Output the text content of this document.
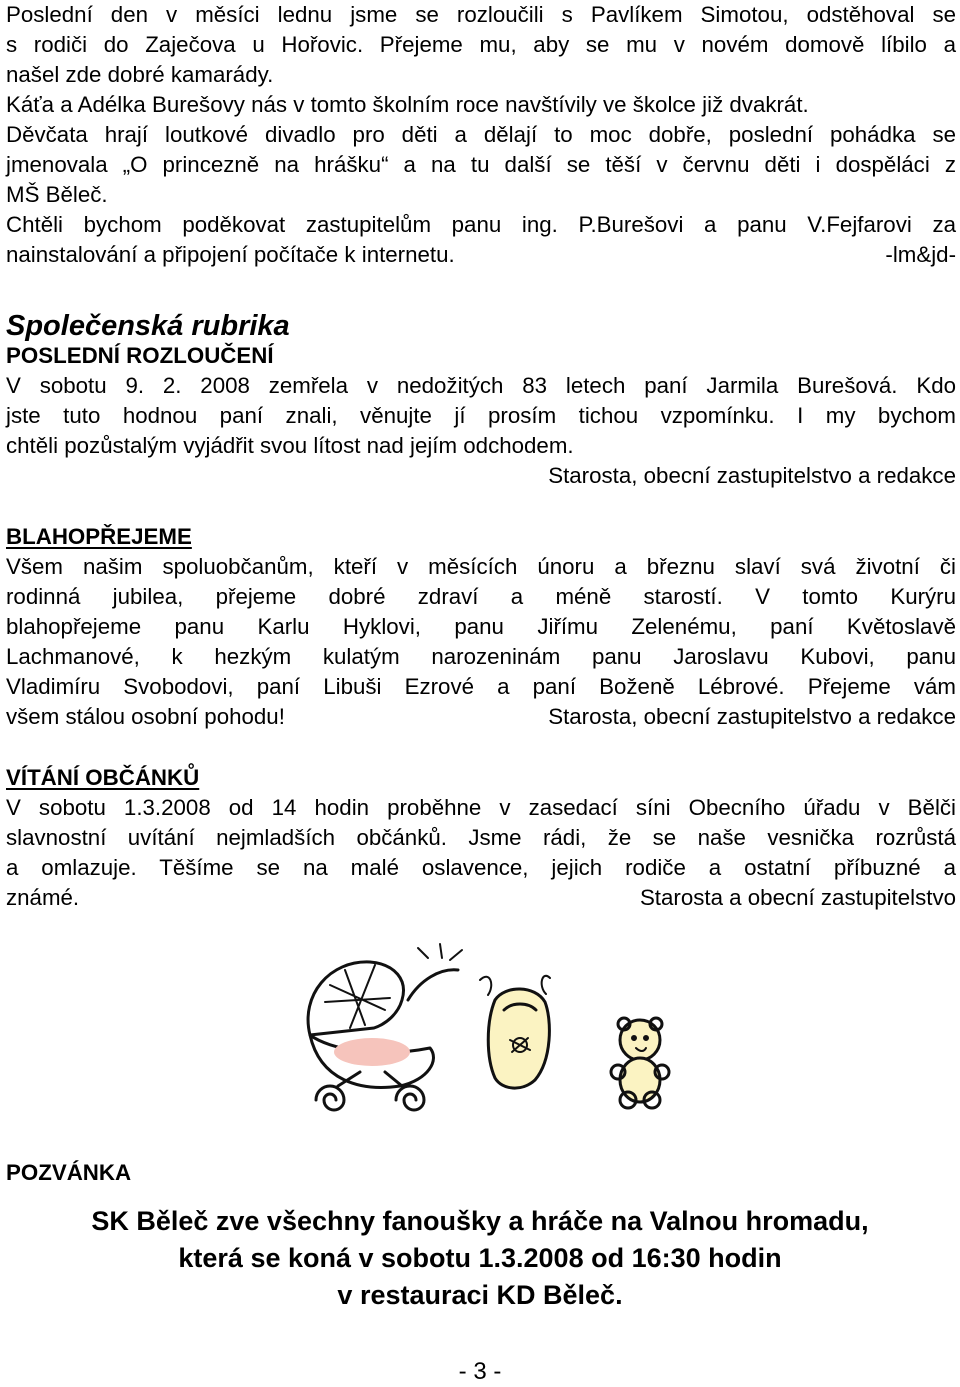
Poslední den v měsíci lednu jsme se rozloučili s Pavlíkem Simotou, odstěhoval se
s rodiči do Zaječova u Hořovic. Přejeme mu, aby se mu v novém domově líbilo a
našel zde dobré kamarády.
Káťa a Adélka Burešovy nás v tomto školním roce navštívily ve školce již dvakrát.
Děvčata hrají loutkové divadlo pro děti a dělají to moc dobře, poslední pohádka se
jmenovala „O princezně na hrášku“ a na tu další se těší v červnu děti i dospěláci z
MŠ Běleč.
Chtěli bychom poděkovat zastupitelům panu ing. P.Burešovi a panu V.Fejfarovi za
nainstalování a připojení počítače k internetu.	-lm&jd-
Společenská rubrika
POSLEDNÍ ROZLOUČENÍ
V sobotu 9. 2. 2008 zemřela v nedožitých 83 letech paní Jarmila Burešová. Kdo
jste tuto hodnou paní znali, věnujte jí prosím tichou vzpomínku. I my bychom
chtěli pozůstalým vyjádřit svou lítost nad jejím odchodem.
Starosta, obecní zastupitelstvo a redakce
BLAHOPŘEJEME
Všem našim spoluobčanům, kteří v měsících únoru a březnu slaví svá životní či
rodinná jubilea, přejeme dobré zdraví a méně starostí. V tomto Kurýru
blahopřejeme panu Karlu Hyklovi, panu Jiřímu Zelenému, paní Květoslavě
Lachmanové, k hezkým kulatým narozeninám panu Jaroslavu Kubovi, panu
Vladimíru Svobodovi, paní Libuši Ezrové a paní Boženě Lébrové. Přejeme vám
všem stálou osobní pohodu!	Starosta, obecní zastupitelstvo a redakce
VÍTÁNÍ OBČÁNKŮ
V sobotu 1.3.2008 od 14 hodin proběhne v zasedací síni Obecního úřadu v Bělči
slavnostní uvítání nejmladších občánků. Jsme rádi, že se naše vesnička rozrůstá
a omlazuje. Těšíme se na malé oslavence, jejich rodiče a ostatní příbuzné a
známé.	Starosta a obecní zastupitelstvo
POZVÁNKA
SK Běleč zve všechny fanoušky a hráče na Valnou hromadu,
která se koná v sobotu 1.3.2008 od 16:30 hodin
v restauraci KD Běleč.
- 3 -
